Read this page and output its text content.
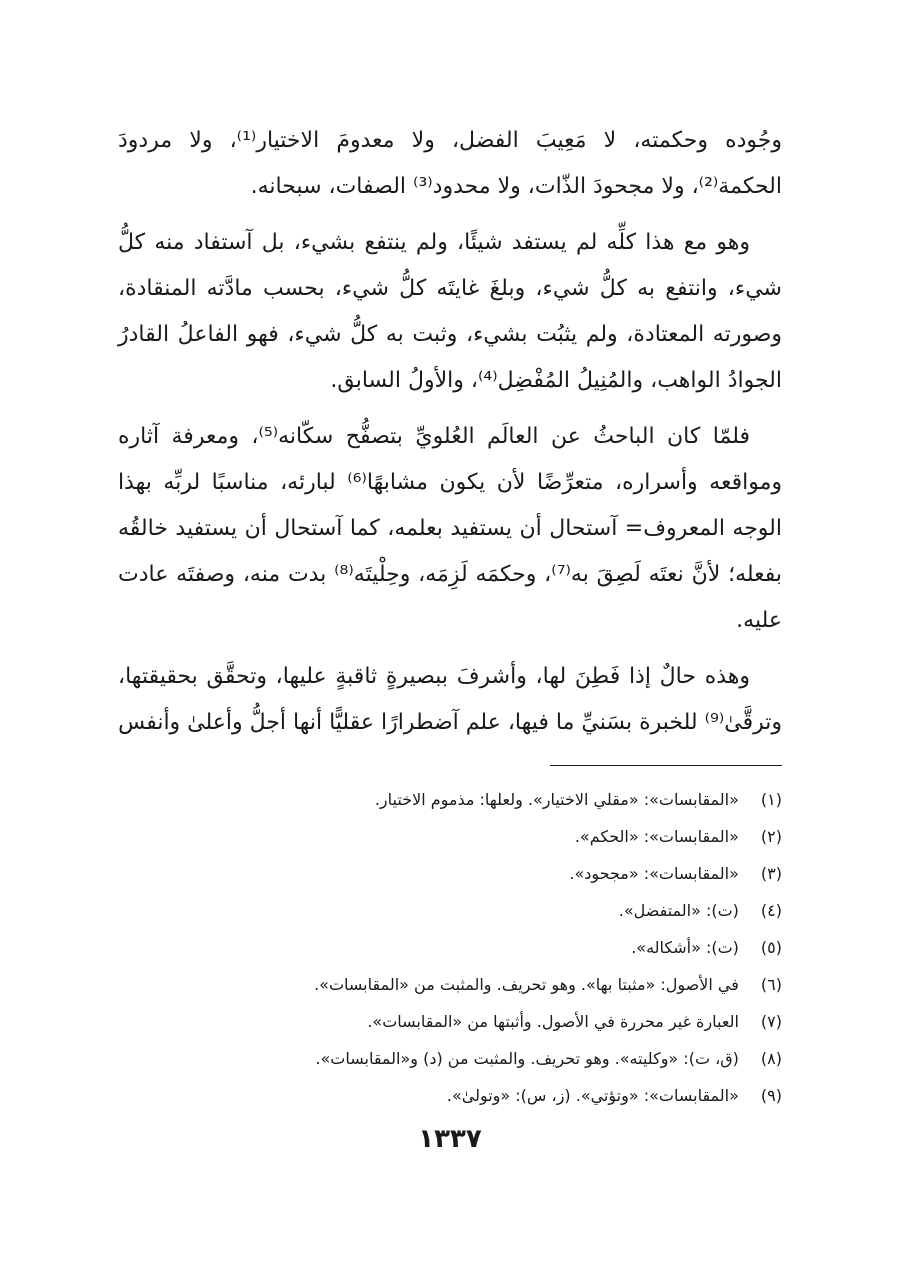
وجُوده وحكمته، لا مَعِيبَ الفضل، ولا معدومَ الاختيار⁽¹⁾، ولا مردودَ الحكمة⁽²⁾، ولا مجحودَ الذّات، ولا محدود⁽³⁾ الصفات، سبحانه.

وهو مع هذا كلِّه لم يستفد شيئًا، ولم ينتفع بشيء، بل آستفاد منه كلُّ شيء، وانتفع به كلُّ شيء، وبلغَ غايتَه كلُّ شيء، بحسب مادَّته المنقادة، وصورته المعتادة، ولم يثبُت بشيء، وثبت به كلُّ شيء، فهو الفاعلُ القادرُ الجوادُ الواهب، والمُنِيلُ المُفْضِل⁽⁴⁾، والأولُ السابق.

فلمّا كان الباحثُ عن العالَم العُلويِّ بتصفُّح سكّانه⁽⁵⁾، ومعرفة آثاره ومواقعه وأسراره، متعرِّضًا لأن يكون مشابهًا⁽⁶⁾ لبارئه، مناسبًا لربِّه بهذا الوجه المعروف= آستحال أن يستفيد بعلمه، كما آستحال أن يستفيد خالقُه بفعله؛ لأنَّ نعتَه لَصِقَ به⁽⁷⁾، وحكمَه لَزِمَه، وحِلْيتَه⁽⁸⁾ بدت منه، وصفتَه عادت عليه.

وهذه حالٌ إذا فَطِنَ لها، وأشرفَ ببصيرةٍ ثاقبةٍ عليها، وتحقَّق بحقيقتها، وترقَّىٰ⁽⁹⁾ للخبرة بسَنيِّ ما فيها، علم آضطرارًا عقليًّا أنها أجلُّ وأعلىٰ وأنفس

(١) «المقابسات»: «مقلي الاختيار». ولعلها: مذموم الاختيار.
(٢) «المقابسات»: «الحكم».
(٣) «المقابسات»: «مجحود».
(٤) (ت): «المتفضل».
(٥) (ت): «أشكاله».
(٦) في الأصول: «مثبتا بها». وهو تحريف. والمثبت من «المقابسات».
(٧) العبارة غير محررة في الأصول. وأثبتها من «المقابسات».
(٨) (ق، ت): «وكليته». وهو تحريف. والمثبت من (د) و«المقابسات».
(٩) «المقابسات»: «وتؤتي». (ز، س): «وتولىٰ».
١٣٣٧
